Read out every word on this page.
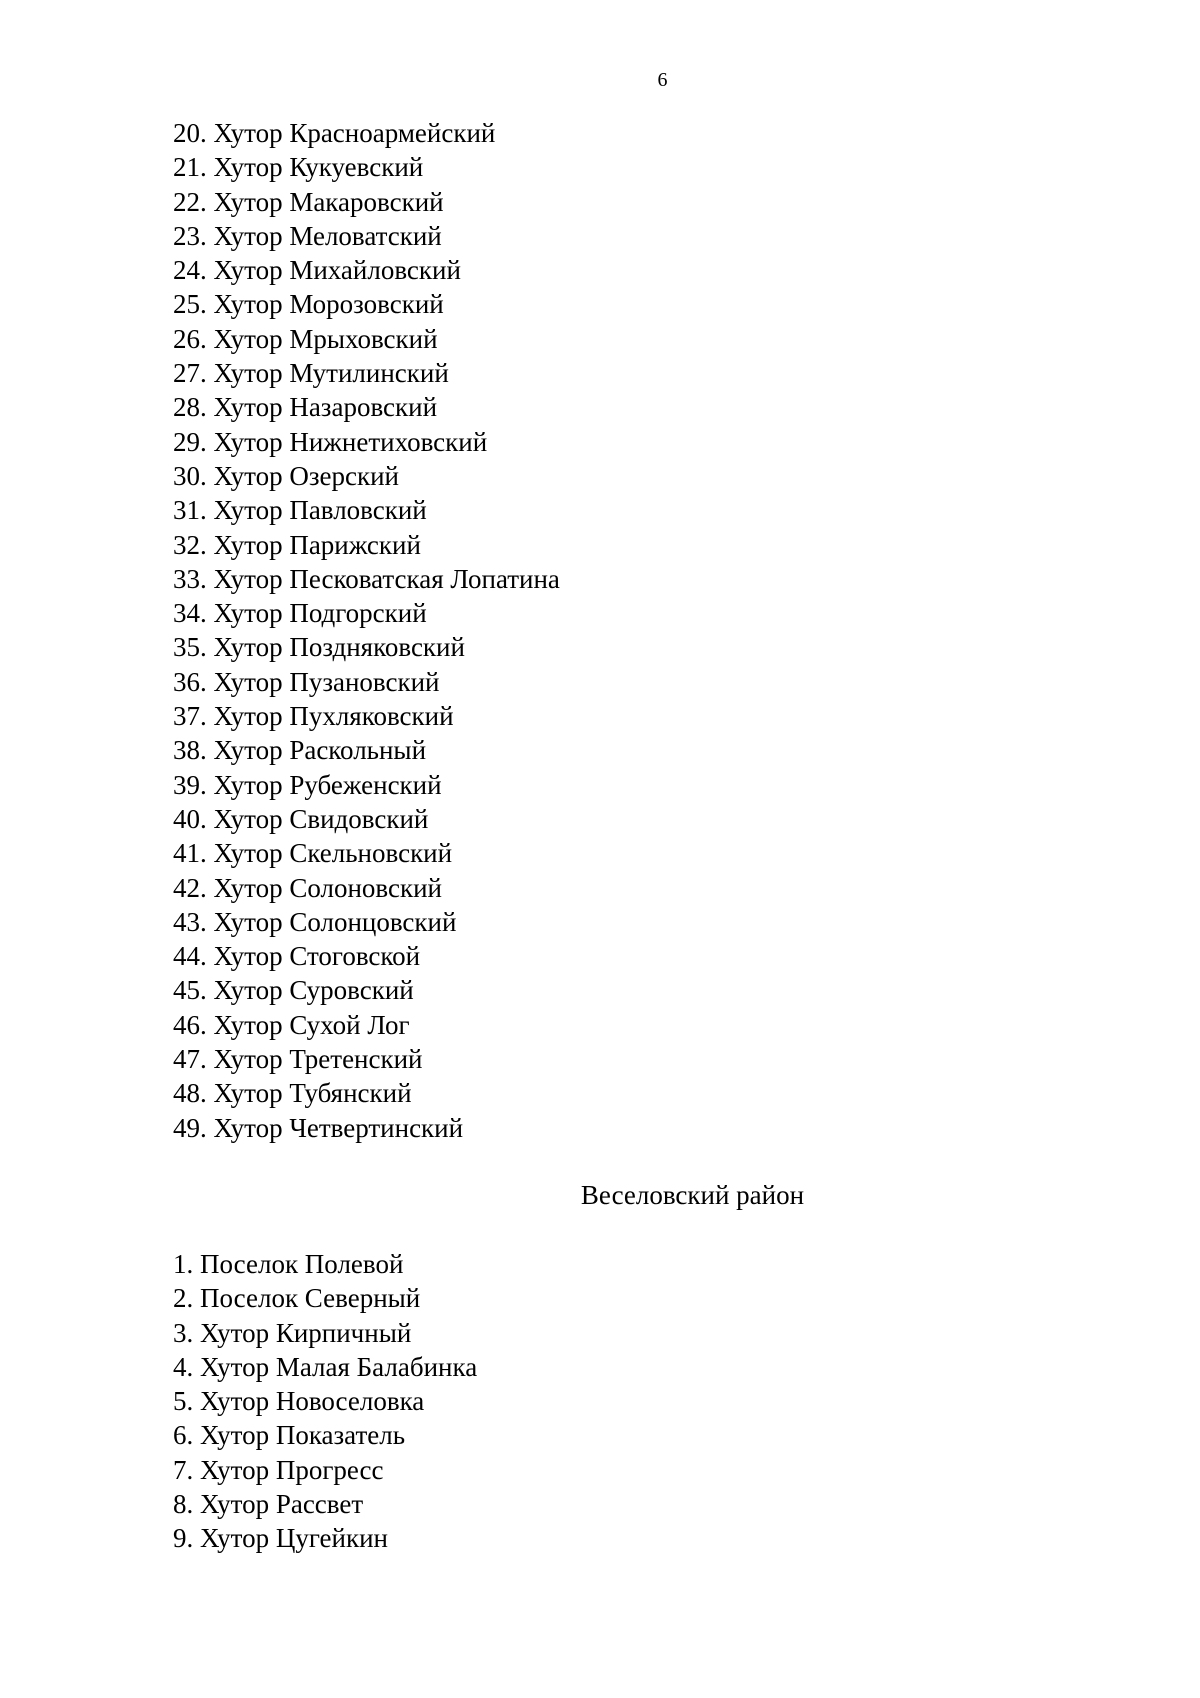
6
20. Хутор Красноармейский
21. Хутор Кукуевский
22. Хутор Макаровский
23. Хутор Меловатский
24. Хутор Михайловский
25. Хутор Морозовский
26. Хутор Мрыховский
27. Хутор Мутилинский
28. Хутор Назаровский
29. Хутор Нижнетиховский
30. Хутор Озерский
31. Хутор Павловский
32. Хутор Парижский
33. Хутор Песковатская Лопатина
34. Хутор Подгорский
35. Хутор Поздняковский
36. Хутор Пузановский
37. Хутор Пухляковский
38. Хутор Раскольный
39. Хутор Рубеженский
40. Хутор Свидовский
41. Хутор Скельновский
42. Хутор Солоновский
43. Хутор Солонцовский
44. Хутор Стоговской
45. Хутор Суровский
46. Хутор Сухой Лог
47. Хутор Третенский
48. Хутор Тубянский
49. Хутор Четвертинский
Веселовский район
1. Поселок Полевой
2. Поселок Северный
3. Хутор Кирпичный
4. Хутор Малая Балабинка
5. Хутор Новоселовка
6. Хутор Показатель
7. Хутор Прогресс
8. Хутор Рассвет
9. Хутор Цугейкин
